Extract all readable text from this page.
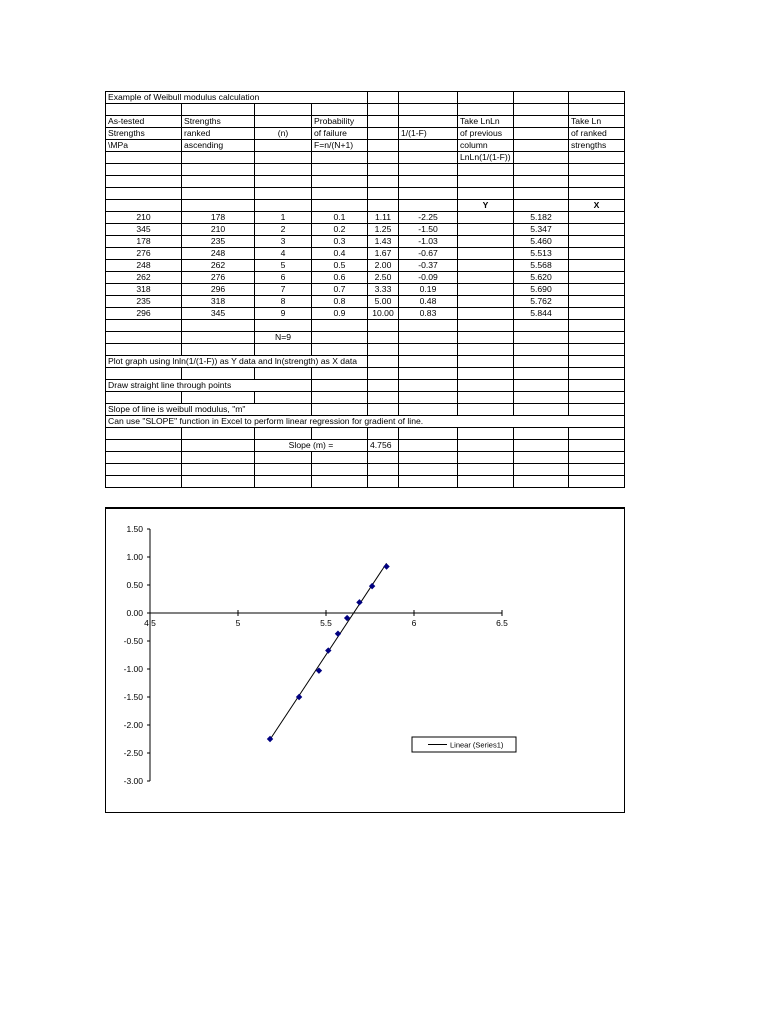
Example of Weibull modulus calculation								

As-tested	Strengths		Probability			Take LnLn		Take Ln
Strengths	ranked	(n)	of failure		1/(1-F)	of previous		of ranked
\MPa	ascending		F=n/(N+1)			column		strengths
						LnLn(1/(1-F))		

						Y		X
210	178	1	0.1	1.11	-2.25		5.182	
345	210	2	0.2	1.25	-1.50		5.347	
178	235	3	0.3	1.43	-1.03		5.460	
276	248	4	0.4	1.67	-0.67		5.513	
248	262	5	0.5	2.00	-0.37		5.568	
262	276	6	0.6	2.50	-0.09		5.620	
318	296	7	0.7	3.33	0.19		5.690	
235	318	8	0.8	5.00	0.48		5.762	
296	345	9	0.9	10.00	0.83		5.844	

		N=9						

Plot graph using lnln(1/(1-F)) as Y data and ln(strength) as X data								

Draw straight line through points								

Slope of line is weibull modulus, "m"								
Can use "SLOPE" function in Excel to perform linear regression for gradient of line.								

		Slope (m) =		4.756				

1.50
1.00
0.50
0.00
-0.50
-1.00
-1.50
-2.00
-2.50
-3.00
4.5	5	5.5	6	6.5
Linear (Series1)
